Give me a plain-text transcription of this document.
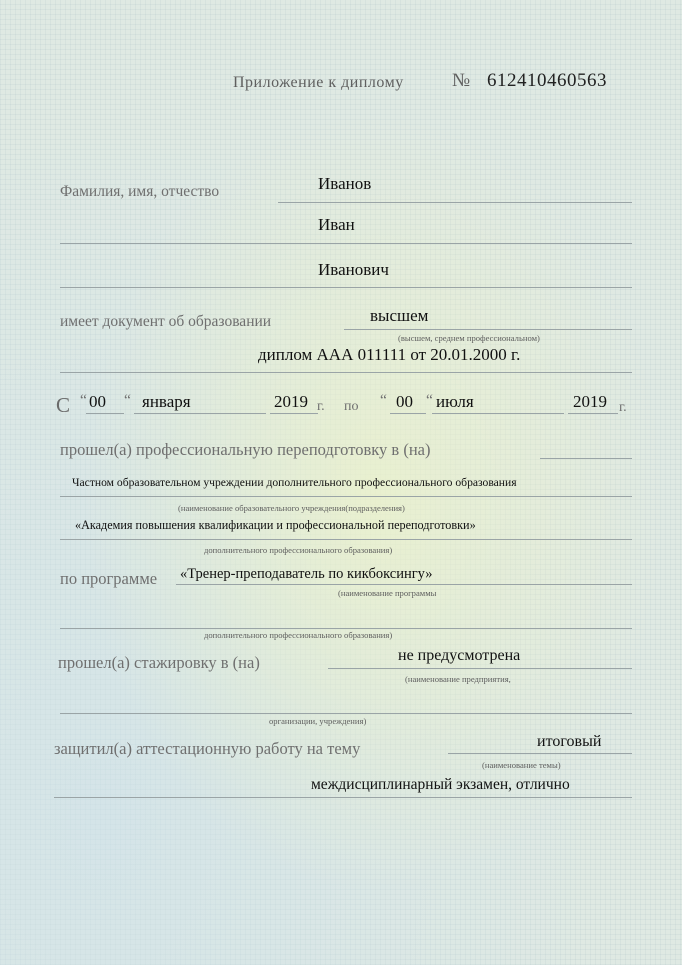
Приложение к диплому	№ 612410460563
Фамилия, имя, отчество	Иванов
Иван
Иванович
имеет документ об образовании	высшем
(высшем, среднем профессиональном)
диплом ААА 011111 от 20.01.2000 г.
С “ 00 “ января	2019 г. по “ 00 “ июля	2019 г.
прошел(а) профессиональную переподготовку в (на)
Частном образовательном учреждении дополнительного профессионального образования
(наименование образовательного учреждения(подразделения)
«Академия повышения квалификации и профессиональной переподготовки»
дополнительного профессионального образования)
по программе «Тренер-преподаватель по кикбоксингу»
(наименование программы
дополнительного профессионального образования)
прошел(а) стажировку в (на)	не предусмотрена
(наименование предприятия,
организации, учреждения)
защитил(а) аттестационную работу на тему	итоговый
(наименование темы)
междисциплинарный экзамен, отлично
